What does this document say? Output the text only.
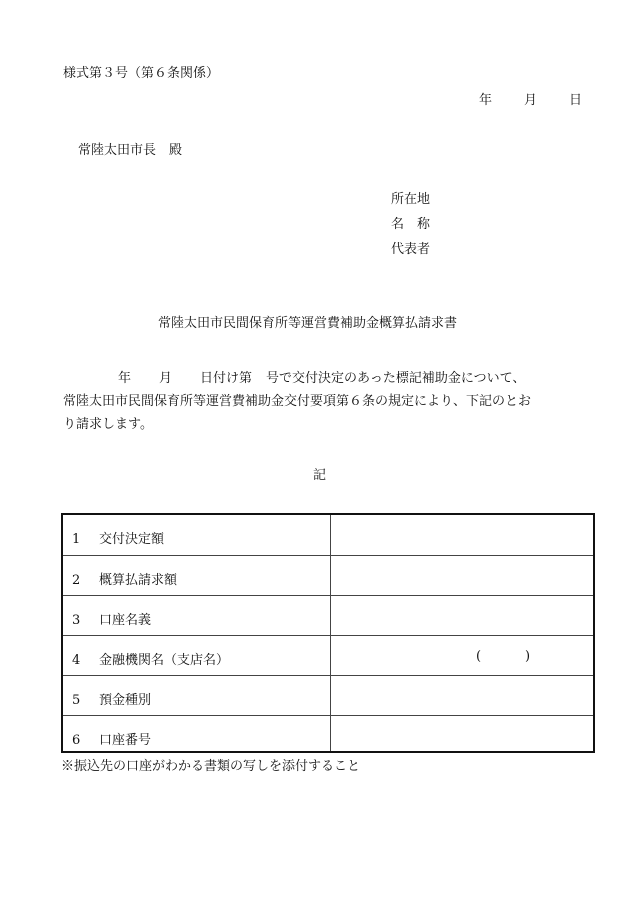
様式第３号（第６条関係）
年 月 日
常陸太田市長 殿
所在地
名 称
代表者
常陸太田市民間保育所等運営費補助金概算払請求書
年 月 日付け第 号で交付決定のあった標記補助金について、
常陸太田市民間保育所等運営費補助金交付要項第６条の規定により、下記のとお
り請求します。
記
1 交付決定額
2 概算払請求額
3 口座名義
4 金融機関名（支店名）	(	)
5 預金種別
6 口座番号
※振込先の口座がわかる書類の写しを添付すること
